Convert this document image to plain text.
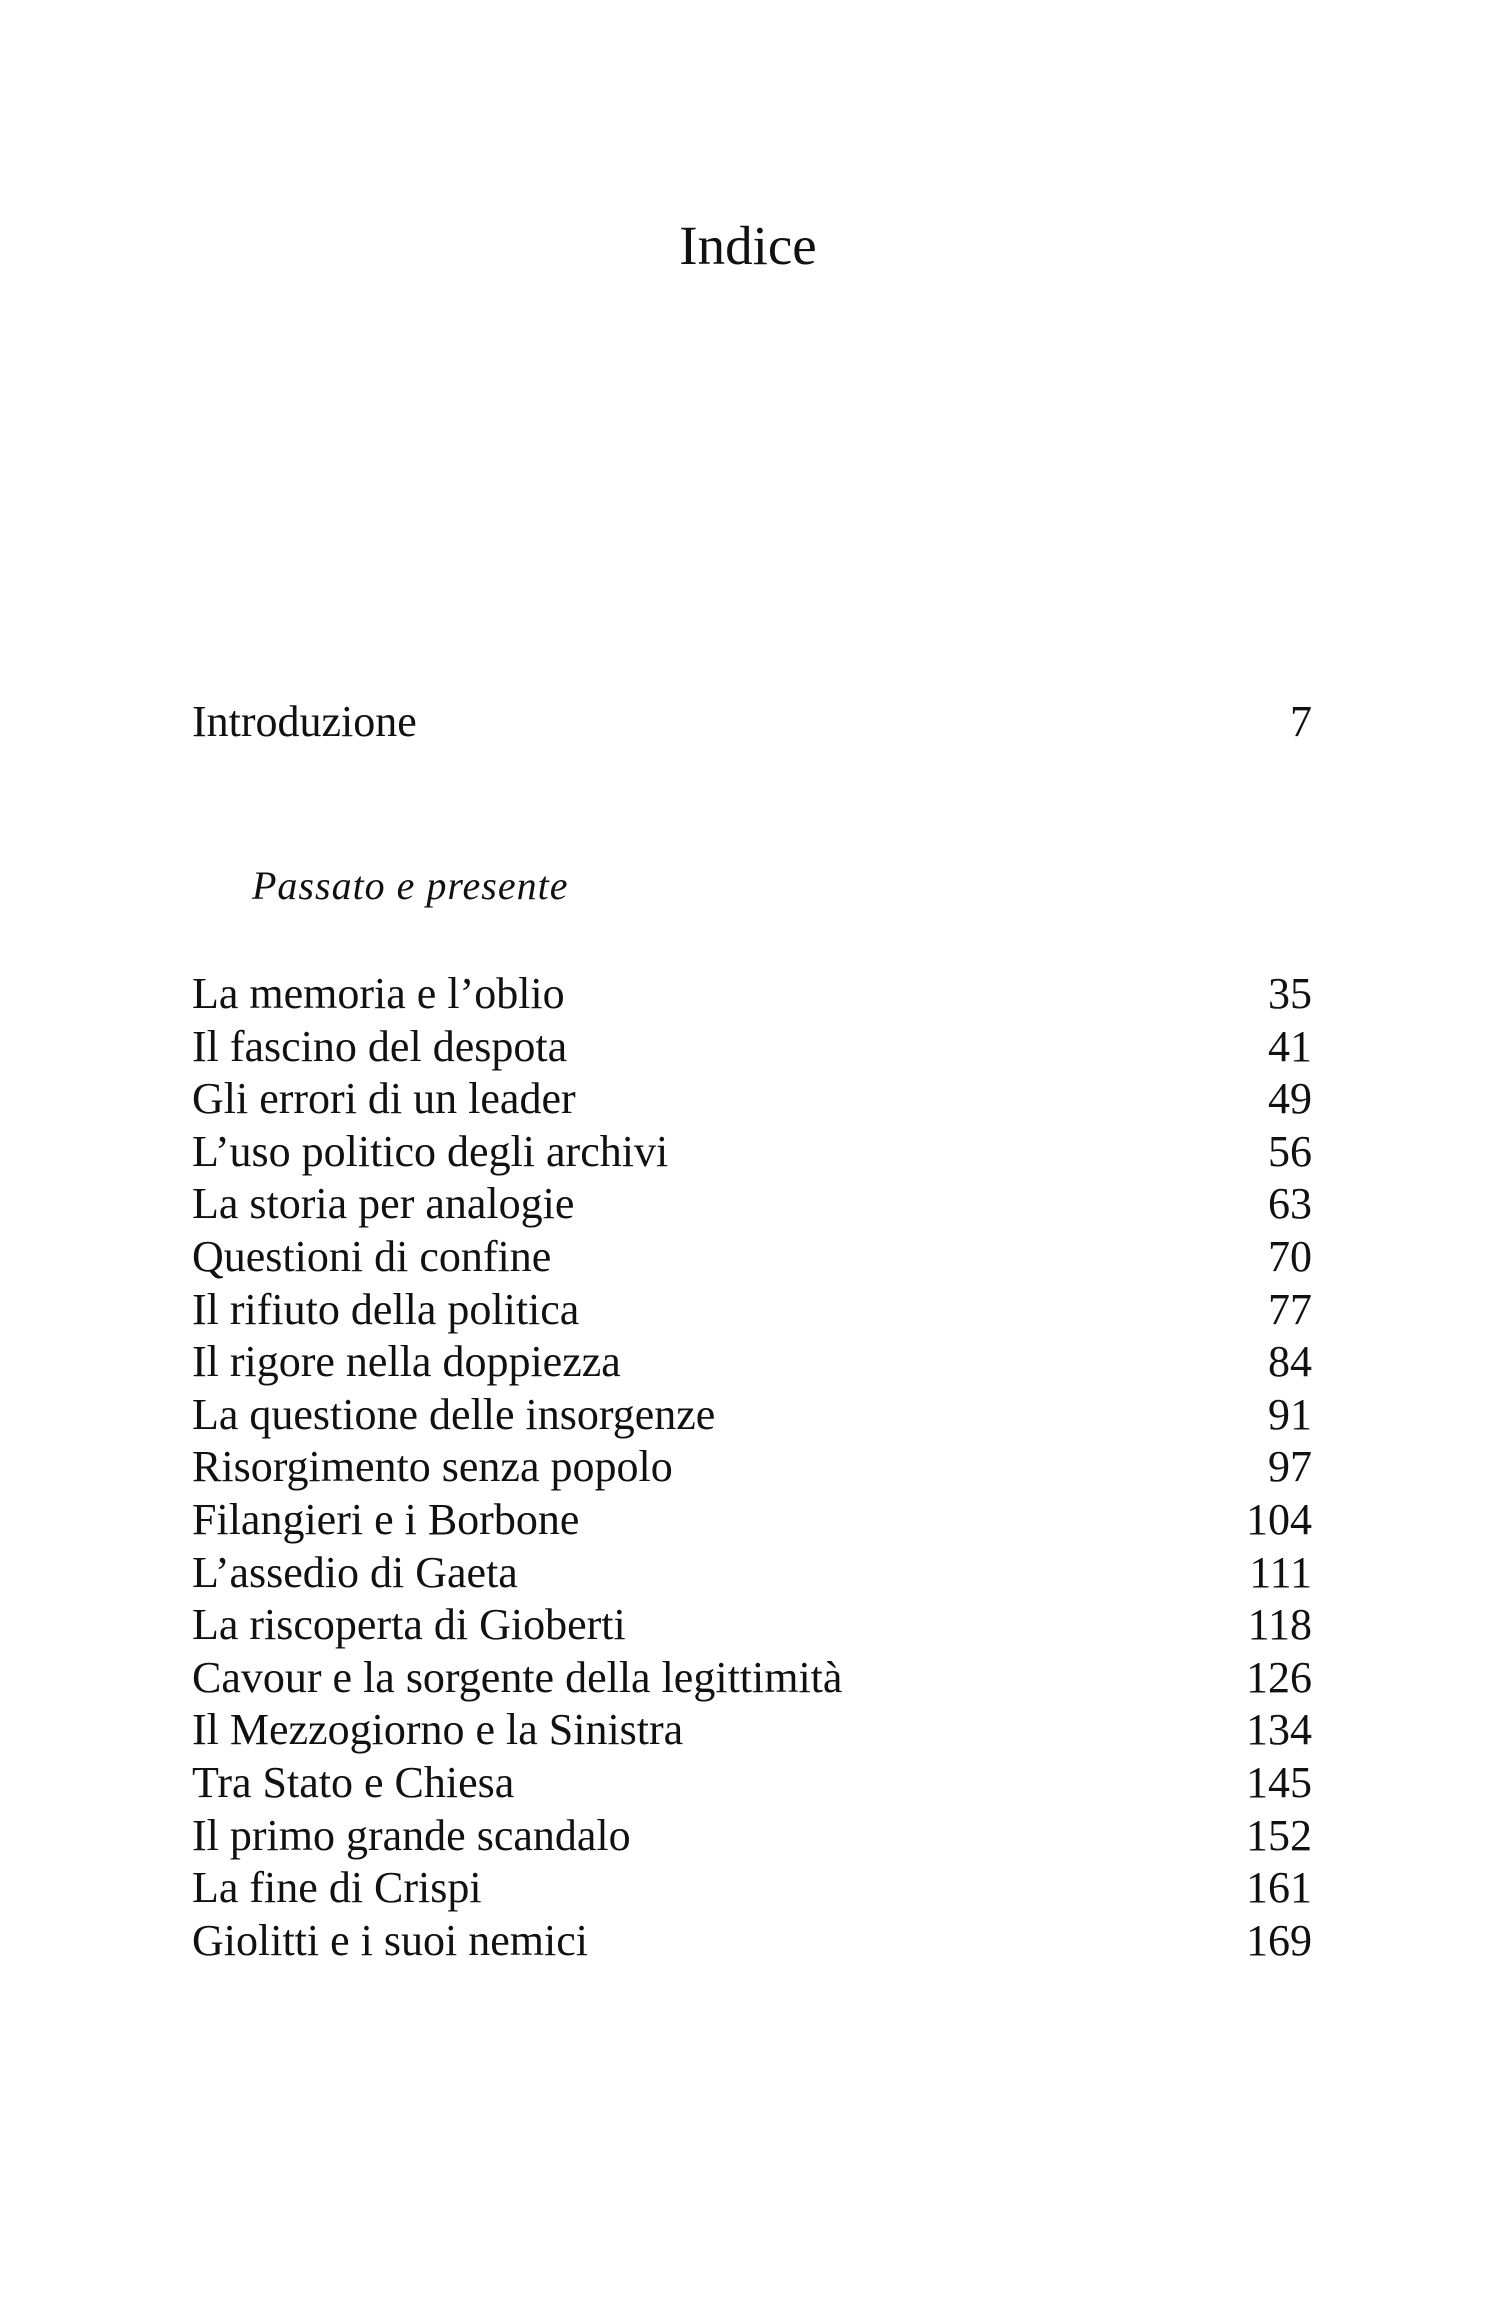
Indice
Introduzione	7
Passato e presente
La memoria e l’oblio	35
Il fascino del despota	41
Gli errori di un leader	49
L’uso politico degli archivi	56
La storia per analogie	63
Questioni di confine	70
Il rifiuto della politica	77
Il rigore nella doppiezza	84
La questione delle insorgenze	91
Risorgimento senza popolo	97
Filangieri e i Borbone	104
L’assedio di Gaeta	111
La riscoperta di Gioberti	118
Cavour e la sorgente della legittimità	126
Il Mezzogiorno e la Sinistra	134
Tra Stato e Chiesa	145
Il primo grande scandalo	152
La fine di Crispi	161
Giolitti e i suoi nemici	169
